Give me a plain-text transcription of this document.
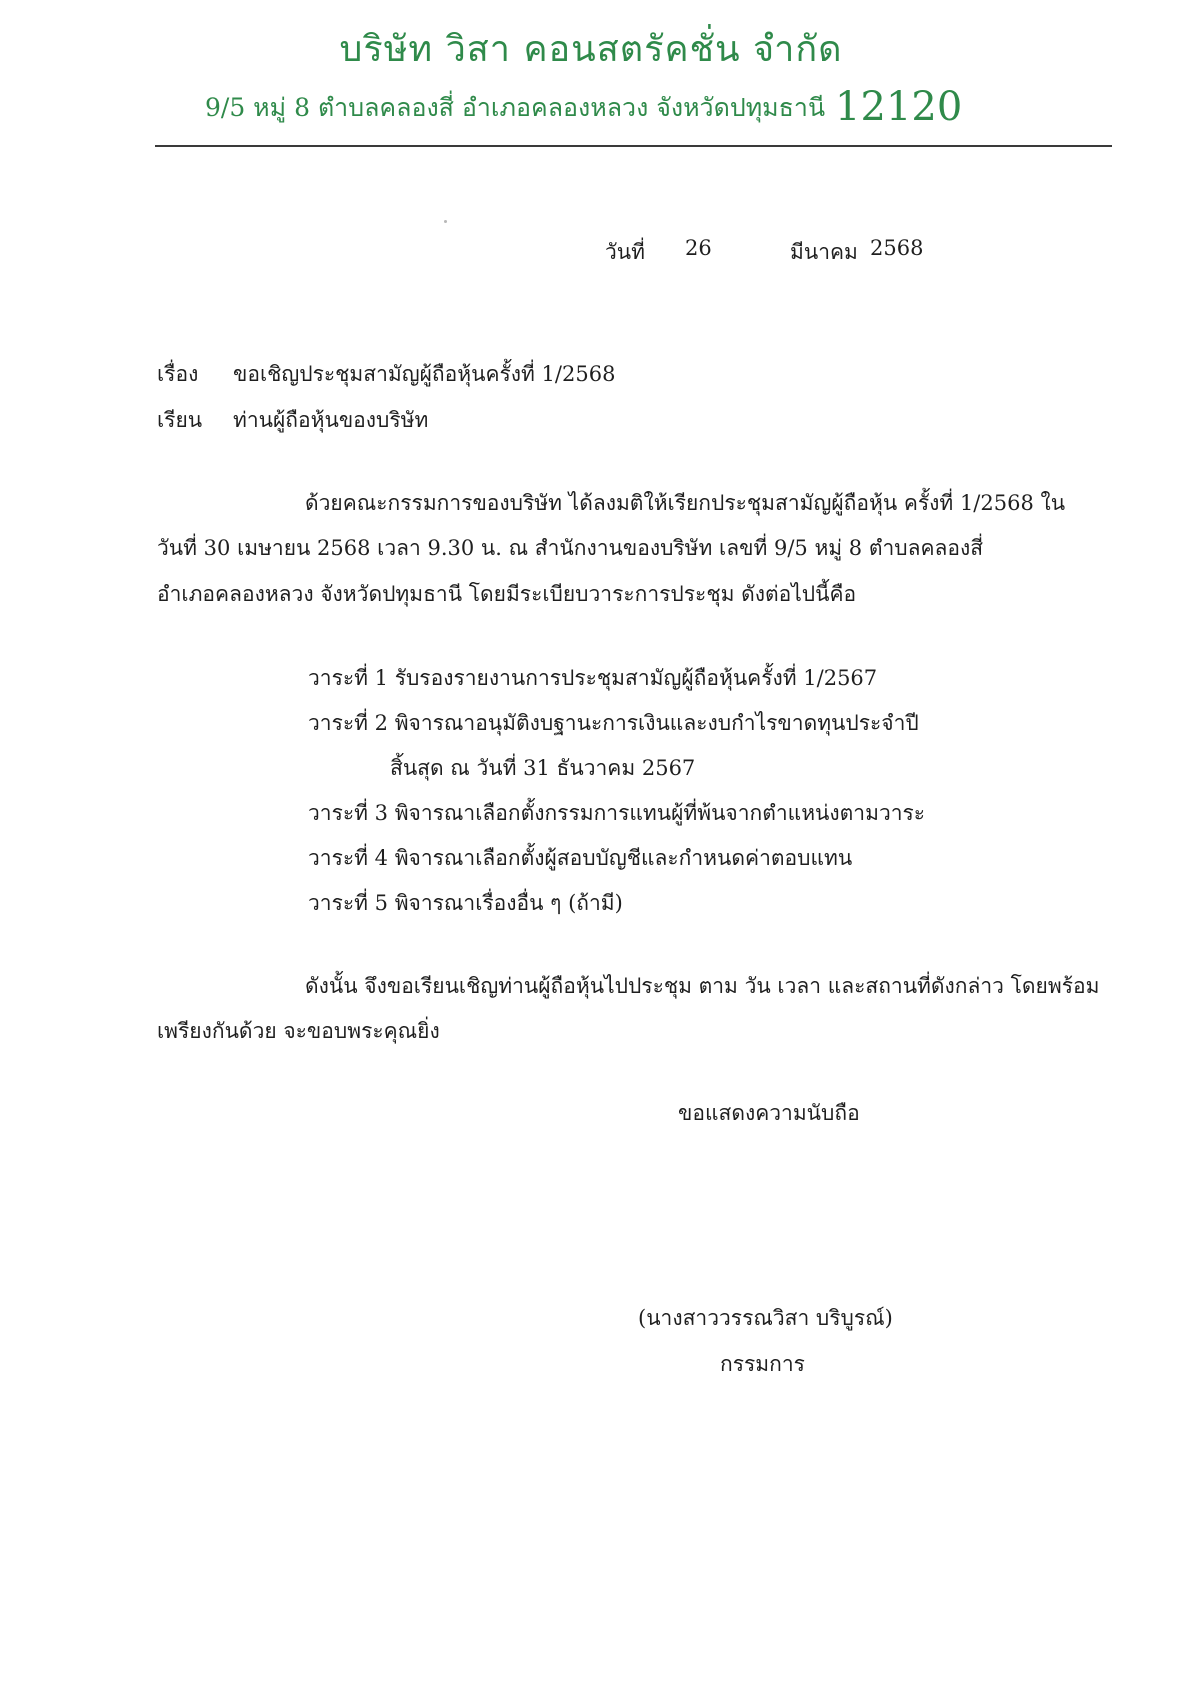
บริษัท วิสา คอนสตรัคชั่น จำกัด
9/5 หมู่ 8 ตำบลคลองสี่ อำเภอคลองหลวง จังหวัดปทุมธานี 12120
วันที่ 26	มีนาคม 2568
เรื่อง ขอเชิญประชุมสามัญผู้ถือหุ้นครั้งที่ 1/2568
เรียน ท่านผู้ถือหุ้นของบริษัท
ด้วยคณะกรรมการของบริษัท ได้ลงมติให้เรียกประชุมสามัญผู้ถือหุ้น ครั้งที่ 1/2568 ใน
วันที่ 30 เมษายน 2568 เวลา 9.30 น. ณ สำนักงานของบริษัท เลขที่ 9/5 หมู่ 8 ตำบลคลองสี่
อำเภอคลองหลวง จังหวัดปทุมธานี โดยมีระเบียบวาระการประชุม ดังต่อไปนี้คือ
วาระที่ 1 รับรองรายงานการประชุมสามัญผู้ถือหุ้นครั้งที่ 1/2567
วาระที่ 2 พิจารณาอนุมัติงบฐานะการเงินและงบกำไรขาดทุนประจำปี
สิ้นสุด ณ วันที่ 31 ธันวาคม 2567
วาระที่ 3 พิจารณาเลือกตั้งกรรมการแทนผู้ที่พ้นจากตำแหน่งตามวาระ
วาระที่ 4 พิจารณาเลือกตั้งผู้สอบบัญชีและกำหนดค่าตอบแทน
วาระที่ 5 พิจารณาเรื่องอื่น ๆ (ถ้ามี)
ดังนั้น จึงขอเรียนเชิญท่านผู้ถือหุ้นไปประชุม ตาม วัน เวลา และสถานที่ดังกล่าว โดยพร้อม
เพรียงกันด้วย จะขอบพระคุณยิ่ง
ขอแสดงความนับถือ
(นางสาววรรณวิสา บริบูรณ์)
กรรมการ
